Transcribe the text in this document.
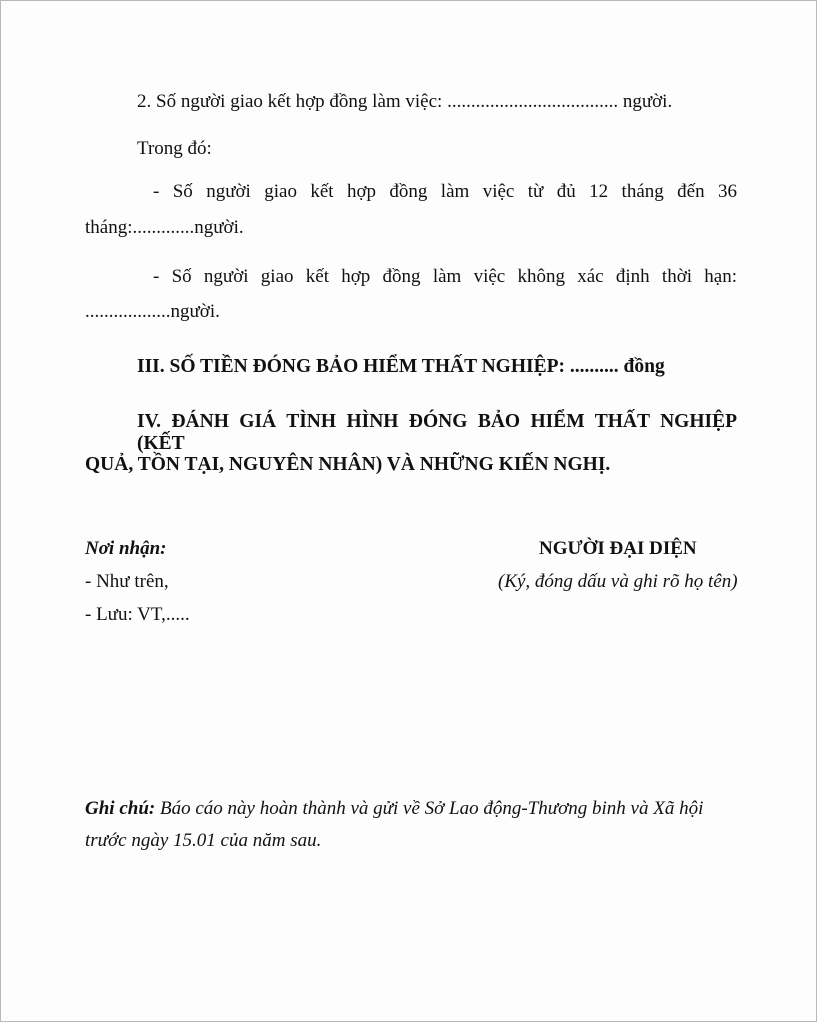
2. Số người giao kết hợp đồng làm việc: .................................... người.
Trong đó:
- Số người giao kết hợp đồng làm việc từ đủ 12 tháng đến 36
tháng:.............người.
- Số người giao kết hợp đồng làm việc không xác định thời hạn:
..................người.
III. SỐ TIỀN ĐÓNG BẢO HIỂM THẤT NGHIỆP: .......... đồng
IV. ĐÁNH GIÁ TÌNH HÌNH ĐÓNG BẢO HIỂM THẤT NGHIỆP (KẾT
QUẢ, TỒN TẠI, NGUYÊN NHÂN) VÀ NHỮNG KIẾN NGHỊ.
Nơi nhận:
- Như trên,
- Lưu: VT,.....
NGƯỜI ĐẠI DIỆN
(Ký, đóng dấu và ghi rõ họ tên)
Ghi chú: Báo cáo này hoàn thành và gửi về Sở Lao động-Thương binh và Xã hội
trước ngày 15.01 của năm sau.
